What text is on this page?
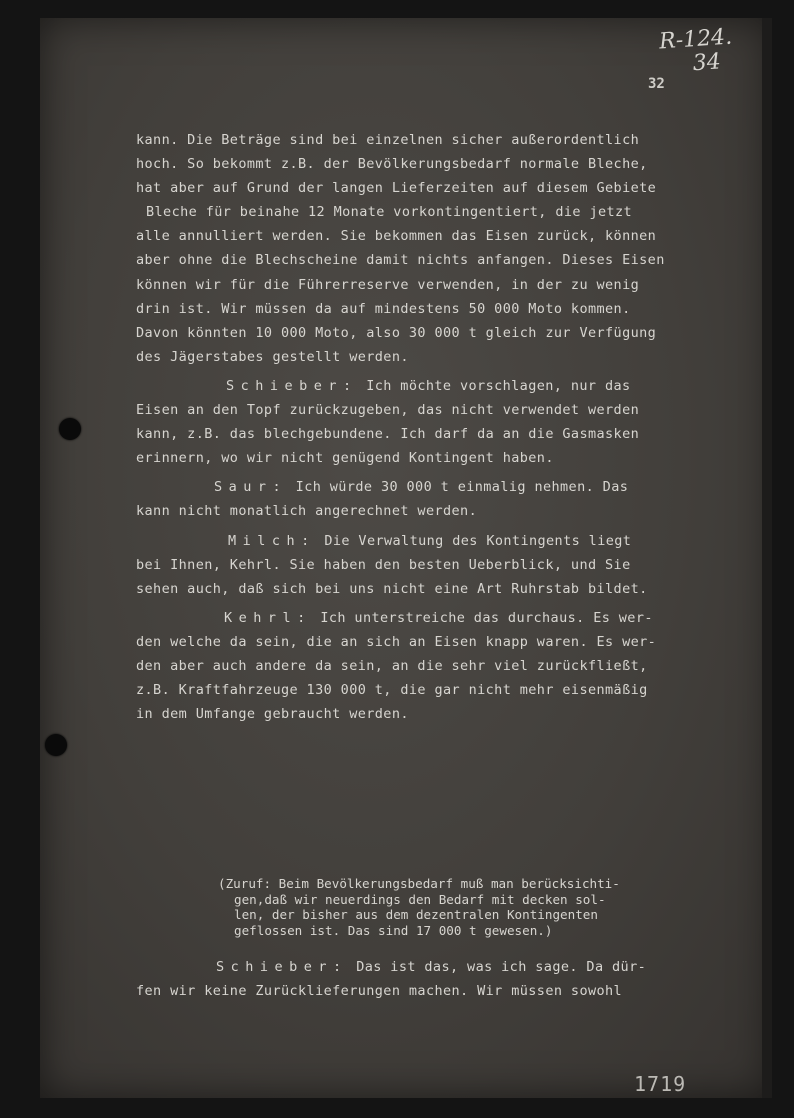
R-124.
34
32
kann. Die Beträge sind bei einzelnen sicher außerordentlich
hoch. So bekommt z.B. der Bevölkerungsbedarf normale Bleche,
hat aber auf Grund der langen Lieferzeiten auf diesem Gebiete
Bleche für beinahe 12 Monate vorkontingentiert, die jetzt
alle annulliert werden. Sie bekommen das Eisen zurück, können
aber ohne die Blechscheine damit nichts anfangen. Dieses Eisen
können wir für die Führerreserve verwenden, in der zu wenig
drin ist. Wir müssen da auf mindestens 50 000 Moto kommen.
Davon könnten 10 000 Moto, also 30 000 t gleich zur Verfügung
des Jägerstabes gestellt werden.
Schieber: Ich möchte vorschlagen, nur das
Eisen an den Topf zurückzugeben, das nicht verwendet werden
kann, z.B. das blechgebundene. Ich darf da an die Gasmasken
erinnern, wo wir nicht genügend Kontingent haben.
Saur: Ich würde 30 000 t einmalig nehmen. Das
kann nicht monatlich angerechnet werden.
Milch: Die Verwaltung des Kontingents liegt
bei Ihnen, Kehrl. Sie haben den besten Ueberblick, und Sie
sehen auch, daß sich bei uns nicht eine Art Ruhrstab bildet.
Kehrl: Ich unterstreiche das durchaus. Es wer-
den welche da sein, die an sich an Eisen knapp waren. Es wer-
den aber auch andere da sein, an die sehr viel zurückfließt,
z.B. Kraftfahrzeuge 130 000 t, die gar nicht mehr eisenmäßig
in dem Umfange gebraucht werden.
(Zuruf: Beim Bevölkerungsbedarf muß man berücksichti-
gen,daß wir neuerdings den Bedarf mit decken sol-
len, der bisher aus dem dezentralen Kontingenten
geflossen ist. Das sind 17 000 t gewesen.)
Schieber: Das ist das, was ich sage. Da dür-
fen wir keine Zurücklieferungen machen. Wir müssen sowohl
1719
